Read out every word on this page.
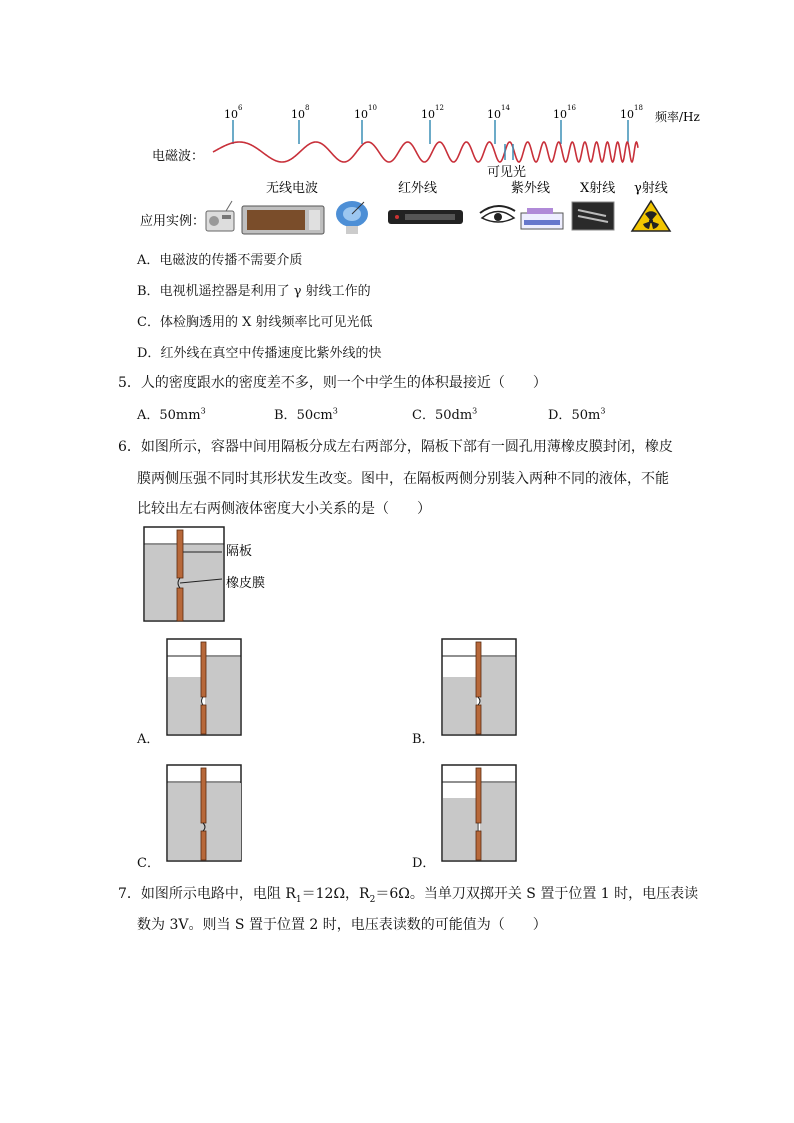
10 6	10 8	10 10	10 12	10 14	10 16	10 18
频率/Hz
电磁波：
可见光
无线电波	红外线	紫外线 X射线 γ射线
应用实例：
A．电磁波的传播不需要介质
B．电视机遥控器是利用了 γ 射线工作的
C．体检胸透用的 X 射线频率比可见光低
D．红外线在真空中传播速度比紫外线的快
5．人的密度跟水的密度差不多，则一个中学生的体积最接近（　　）
A．$50mm^3$	B．$50cm^3$	C．$50dm^3$	D．$50m^3$
6．如图所示，容器中间用隔板分成左右两部分，隔板下部有一圆孔用薄橡皮膜封闭，橡皮
膜两侧压强不同时其形状发生改变。图中，在隔板两侧分别装入两种不同的液体，不能
比较出左右两侧液体密度大小关系的是（　　）
隔板
橡皮膜
A．	B．
C．	D．
7．如图所示电路中，电阻 $R_1=12\Omega$，$R_2=6\Omega$。当单刀双掷开关 S 置于位置 1 时，电压表读
数为 3V。则当 S 置于位置 2 时，电压表读数的可能值为（　　）
